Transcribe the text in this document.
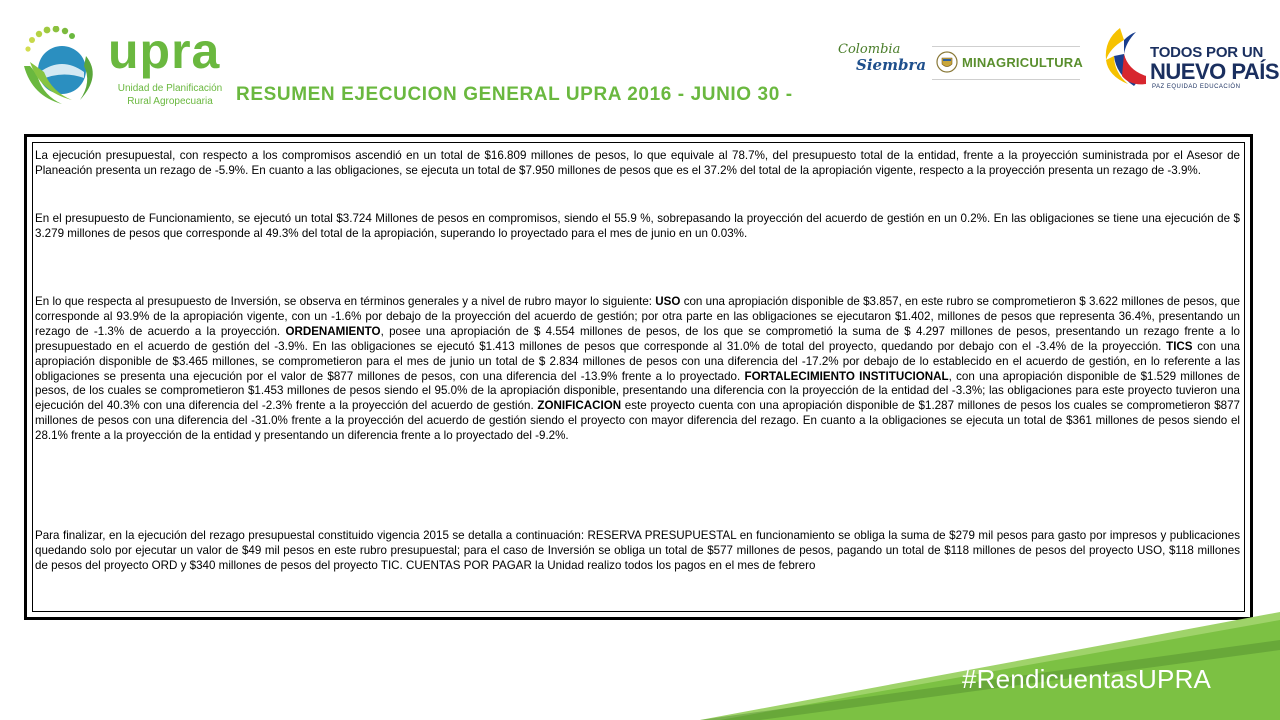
upra
Unidad de Planificación
Rural Agropecuaria	RESUMEN EJECUCION GENERAL UPRA 2016 - JUNIO 30 -
Colombia
Siembra	MINAGRICULTURA
TODOS POR UN
NUEVO PAÍS
PAZ EQUIDAD EDUCACIÓN

La ejecución presupuestal, con respecto a los compromisos ascendió en un total de $16.809 millones de pesos, lo que equivale al 78.7%, del presupuesto total de la entidad, frente a la proyección suministrada por el Asesor de Planeación presenta un rezago de -5.9%. En cuanto a las obligaciones, se ejecuta un total de $7.950 millones de pesos que es el 37.2% del total de la apropiación vigente, respecto a la proyección presenta un rezago de -3.9%.

En el presupuesto de Funcionamiento, se ejecutó un total $3.724 Millones de pesos en compromisos, siendo el 55.9 %, sobrepasando la proyección del acuerdo de gestión en un 0.2%. En las obligaciones se tiene una ejecución de $ 3.279 millones de pesos que corresponde al 49.3% del total de la apropiación, superando lo proyectado para el mes de junio en un 0.03%.

En lo que respecta al presupuesto de Inversión, se observa en términos generales y a nivel de rubro mayor lo siguiente: USO con una apropiación disponible de $3.857, en este rubro se comprometieron $ 3.622 millones de pesos, que corresponde al 93.9% de la apropiación vigente, con un -1.6% por debajo de la proyección del acuerdo de gestión; por otra parte en las obligaciones se ejecutaron $1.402, millones de pesos que representa 36.4%, presentando un rezago de -1.3% de acuerdo a la proyección. ORDENAMIENTO, posee una apropiación de $ 4.554 millones de pesos, de los que se comprometió la suma de $ 4.297 millones de pesos, presentando un rezago frente a lo presupuestado en el acuerdo de gestión del -3.9%. En las obligaciones se ejecutó $1.413 millones de pesos que corresponde al 31.0% de total del proyecto, quedando por debajo con el -3.4% de la proyección. TICS con una apropiación disponible de $3.465 millones, se comprometieron para el mes de junio un total de $ 2.834 millones de pesos con una diferencia del -17.2% por debajo de lo establecido en el acuerdo de gestión, en lo referente a las obligaciones se presenta una ejecución por el valor de $877 millones de pesos, con una diferencia del -13.9% frente a lo proyectado. FORTALECIMIENTO INSTITUCIONAL, con una apropiación disponible de $1.529 millones de pesos, de los cuales se comprometieron $1.453 millones de pesos siendo el 95.0% de la apropiación disponible, presentando una diferencia con la proyección de la entidad del -3.3%; las obligaciones para este proyecto tuvieron una ejecución del 40.3% con una diferencia del -2.3% frente a la proyección del acuerdo de gestión. ZONIFICACION este proyecto cuenta con una apropiación disponible de $1.287 millones de pesos los cuales se comprometieron $877 millones de pesos con una diferencia del -31.0% frente a la proyección del acuerdo de gestión siendo el proyecto con mayor diferencia del rezago. En cuanto a la obligaciones se ejecuta un total de $361 millones de pesos siendo el 28.1% frente a la proyección de la entidad y presentando un diferencia frente a lo proyectado del -9.2%.

Para finalizar, en la ejecución del rezago presupuestal constituido vigencia 2015 se detalla a continuación: RESERVA PRESUPUESTAL en funcionamiento se obliga la suma de $279 mil pesos para gasto por impresos y publicaciones quedando solo por ejecutar un valor de $49 mil pesos en este rubro presupuestal; para el caso de Inversión se obliga un total de $577 millones de pesos, pagando un total de $118 millones de pesos del proyecto USO, $118 millones de pesos del proyecto ORD y $340 millones de pesos del proyecto TIC. CUENTAS POR PAGAR la Unidad realizo todos los pagos en el mes de febrero

#RendicuentasUPRA
